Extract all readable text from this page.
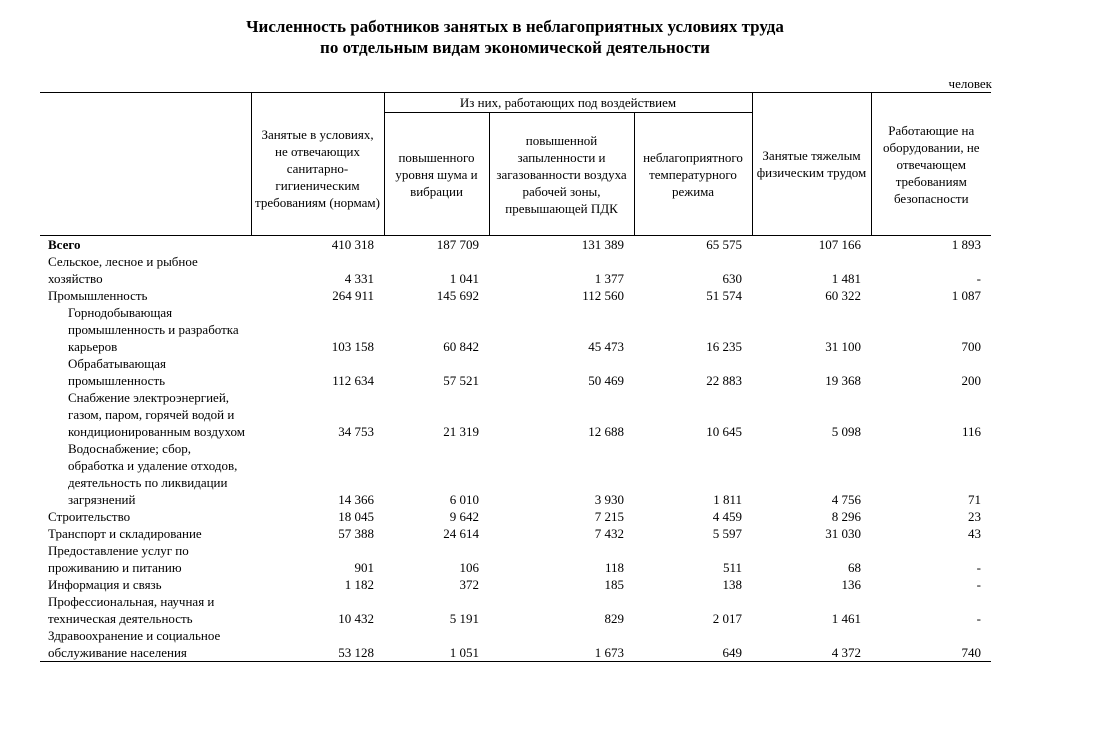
Численность работников занятых в неблагоприятных условиях труда
по отдельным видам экономической деятельности
человек
	Занятые в условиях, не отвечающих санитарно-гигиеническим требованиям (нормам)	Из них, работающих под воздействием			Занятые тяжелым физическим трудом	Работающие на оборудовании, не отвечающем требованиям безопасности
		повышенного уровня шума и вибрации	повышенной запыленности и загазованности воздуха рабочей зоны, превышающей ПДК	неблагоприятного температурного режима		
Всего	410 318	187 709	131 389	65 575	107 166	1 893
Сельское, лесное и рыбное хозяйство	4 331	1 041	1 377	630	1 481	-
Промышленность	264 911	145 692	112 560	51 574	60 322	1 087
Горнодобывающая промышленность и разработка карьеров	103 158	60 842	45 473	16 235	31 100	700
Обрабатывающая промышленность	112 634	57 521	50 469	22 883	19 368	200
Снабжение электроэнергией, газом, паром, горячей водой и кондиционированным воздухом	34 753	21 319	12 688	10 645	5 098	116
Водоснабжение; сбор, обработка и удаление отходов, деятельность по ликвидации загрязнений	14 366	6 010	3 930	1 811	4 756	71
Строительство	18 045	9 642	7 215	4 459	8 296	23
Транспорт и складирование	57 388	24 614	7 432	5 597	31 030	43
Предоставление услуг по проживанию и питанию	901	106	118	511	68	-
Информация и связь	1 182	372	185	138	136	-
Профессиональная, научная и техническая деятельность	10 432	5 191	829	2 017	1 461	-
Здравоохранение и социальное обслуживание населения	53 128	1 051	1 673	649	4 372	740
